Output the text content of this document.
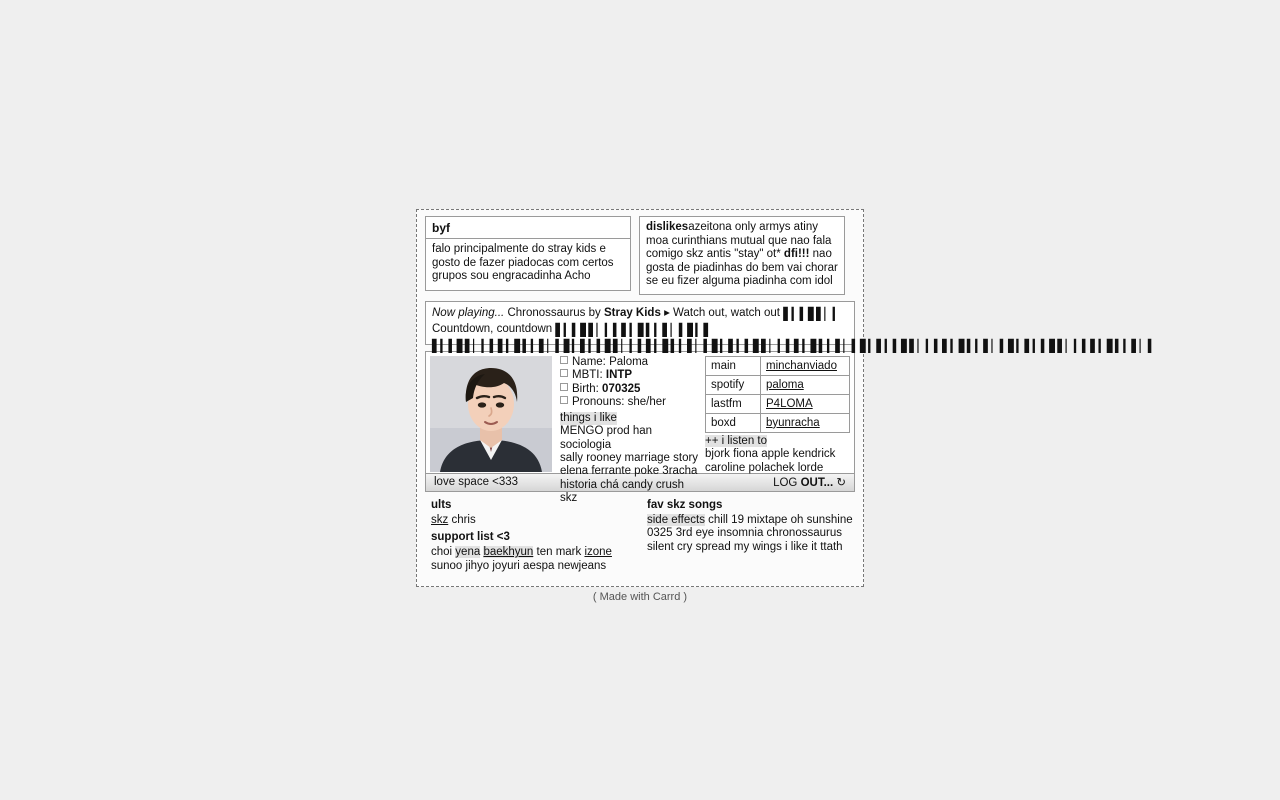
byf
falo principalmente do stray kids e gosto de fazer piadocas com certos grupos sou engracadinha Acho
dislikesazeitona only armys atiny moa curinthians mutual que nao fala comigo skz antis "stay" ot* dfi!!! nao gosta de piadinhas do bem vai chorar se eu fizer alguma piadinha com idol
Now playing... Chronossaurus by Stray Kids ▸ Watch out, watch out ▌▎▍▋▌▏▎
Countdown, countdown ▌▎▍▋▌▏▎▍▌▎▋▍▎▌▏▍▋▎▌
▌▎▍▋▌▏▎▍▌▎▋▍▎▌▏▍▋▎▌▎▍▋▌▏▎▍▌▎▋▍▎▌▏▍▋▎▌▎▍▋▌▏▎▍▌▎▋▍▎▌▏▍▋▎▌▎▍▋▌▏▎▍▌▎▋▍▎▌▏▍▋▎▌▎▍▋▌▏▎▍▌▎▋▍▎▌▏▍
Name: Paloma
MBTI: INTP
Birth: 070325
Pronouns: she/her
things i like
MENGO prod han sociologia
sally rooney marriage story
elena ferrante poke 3racha
historia chá candy crush skz
main	minchanviado
spotify	paloma
lastfm	P4LOMA
boxd	byunracha
++ i listen to
bjork fiona apple kendrick
caroline polachek lorde
love space <333	LOG OUT... ↻
ults
skz chris
support list <3
choi yena baekhyun ten mark izone
sunoo jihyo joyuri aespa newjeans
fav skz songs
side effects chill 19 mixtape oh sunshine
0325 3rd eye insomnia chronossaurus
silent cry spread my wings i like it ttath
( Made with Carrd )
